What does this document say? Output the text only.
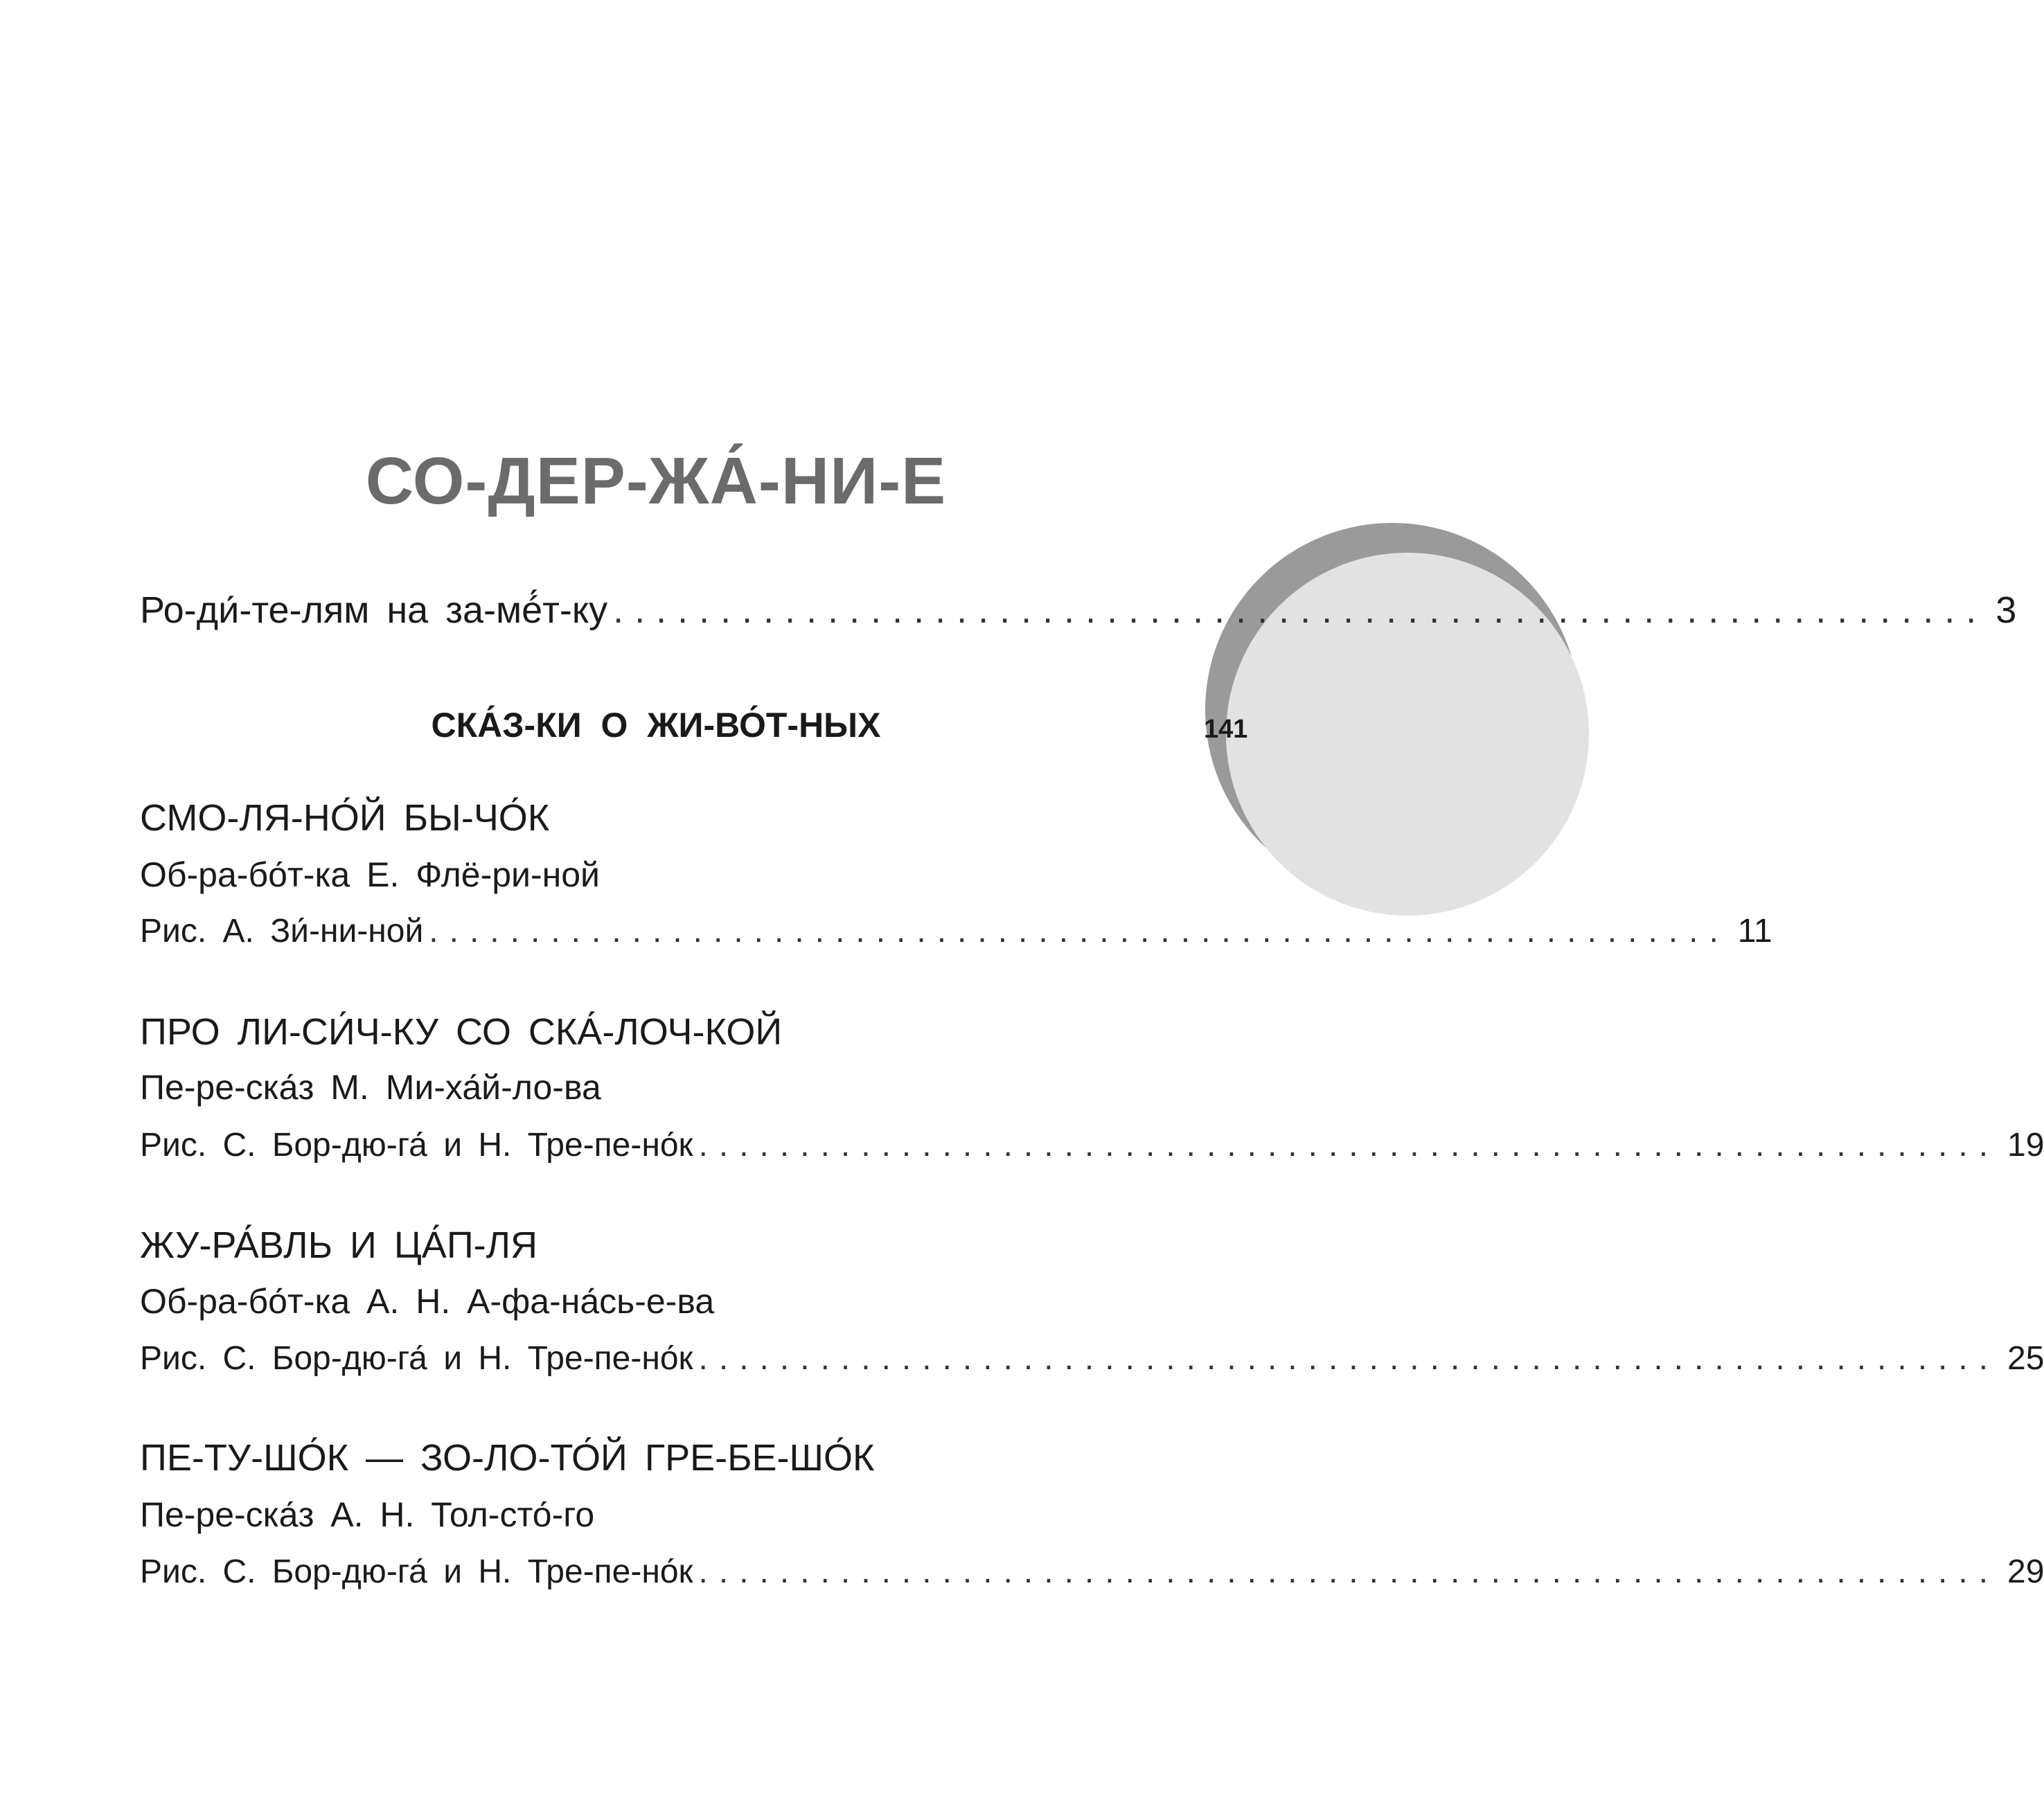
141
СО-ДЕР-ЖА́-НИ-Е
Ро-ди́-те-лям на за-мé́т-ку ................................................................ 3
СКА́З-КИ О ЖИ-ВО́Т-НЫХ
СМО-ЛЯ-НО́Й БЫ-ЧО́К
Об-ра-бо́т-ка Е. Флё-ри-ной
Рис. А. Зи́-ни-ной ................................................................ 11
ПРО ЛИ-СИ́Ч-КУ СО СКА́-ЛОЧ-КОЙ
Пе-ре-ска́з М. Ми-ха́й-ло-ва
Рис. С. Бор-дю-га́ и Н. Тре-пе-но́к ................................................................ 19
ЖУ-РА́ВЛЬ И ЦА́П-ЛЯ
Об-ра-бо́т-ка А. Н. А-фа-на́сь-е-ва
Рис. С. Бор-дю-га́ и Н. Тре-пе-но́к ................................................................ 25
ПЕ-ТУ-ШО́К — ЗО-ЛО-ТО́Й ГРЕ-БЕ-ШО́К
Пе-ре-ска́з А. Н. Тол-сто́-го
Рис. С. Бор-дю-га́ и Н. Тре-пе-но́к ................................................................ 29
